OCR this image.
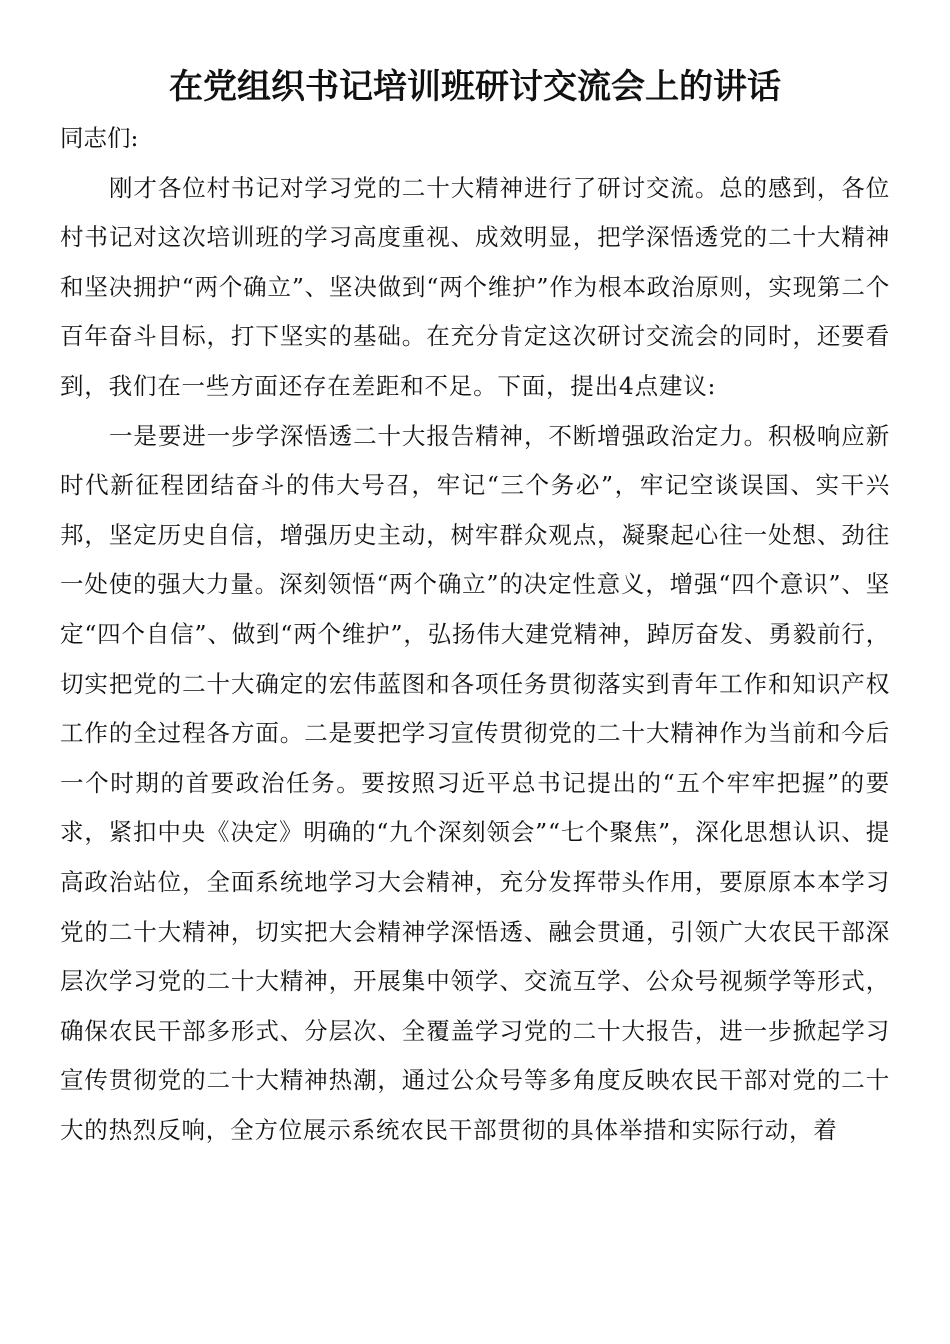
在党组织书记培训班研讨交流会上的讲话

同志们:

刚才各位村书记对学习党的二十大精神进行了研讨交流。总的感到，各位村书记对这次培训班的学习高度重视、成效明显，把学深悟透党的二十大精神和坚决拥护“两个确立”、坚决做到“两个维护”作为根本政治原则，实现第二个百年奋斗目标，打下坚实的基础。在充分肯定这次研讨交流会的同时，还要看到，我们在一些方面还存在差距和不足。下面，提出4点建议:

一是要进一步学深悟透二十大报告精神，不断增强政治定力。积极响应新时代新征程团结奋斗的伟大号召，牢记“三个务必”，牢记空谈误国、实干兴邦，坚定历史自信，增强历史主动，树牢群众观点，凝聚起心往一处想、劲往一处使的强大力量。深刻领悟“两个确立”的决定性意义，增强“四个意识”、坚定“四个自信”、做到“两个维护”，弘扬伟大建党精神，踔厉奋发、勇毅前行，切实把党的二十大确定的宏伟蓝图和各项任务贯彻落实到青年工作和知识产权工作的全过程各方面。二是要把学习宣传贯彻党的二十大精神作为当前和今后一个时期的首要政治任务。要按照习近平总书记提出的“五个牢牢把握”的要求，紧扣中央《决定》明确的“九个深刻领会”“七个聚焦”，深化思想认识、提高政治站位，全面系统地学习大会精神，充分发挥带头作用，要原原本本学习党的二十大精神，切实把大会精神学深悟透、融会贯通，引领广大农民干部深层次学习党的二十大精神，开展集中领学、交流互学、公众号视频学等形式，确保农民干部多形式、分层次、全覆盖学习党的二十大报告，进一步掀起学习宣传贯彻党的二十大精神热潮，通过公众号等多角度反映农民干部对党的二十大的热烈反响，全方位展示系统农民干部贯彻的具体举措和实际行动，着
